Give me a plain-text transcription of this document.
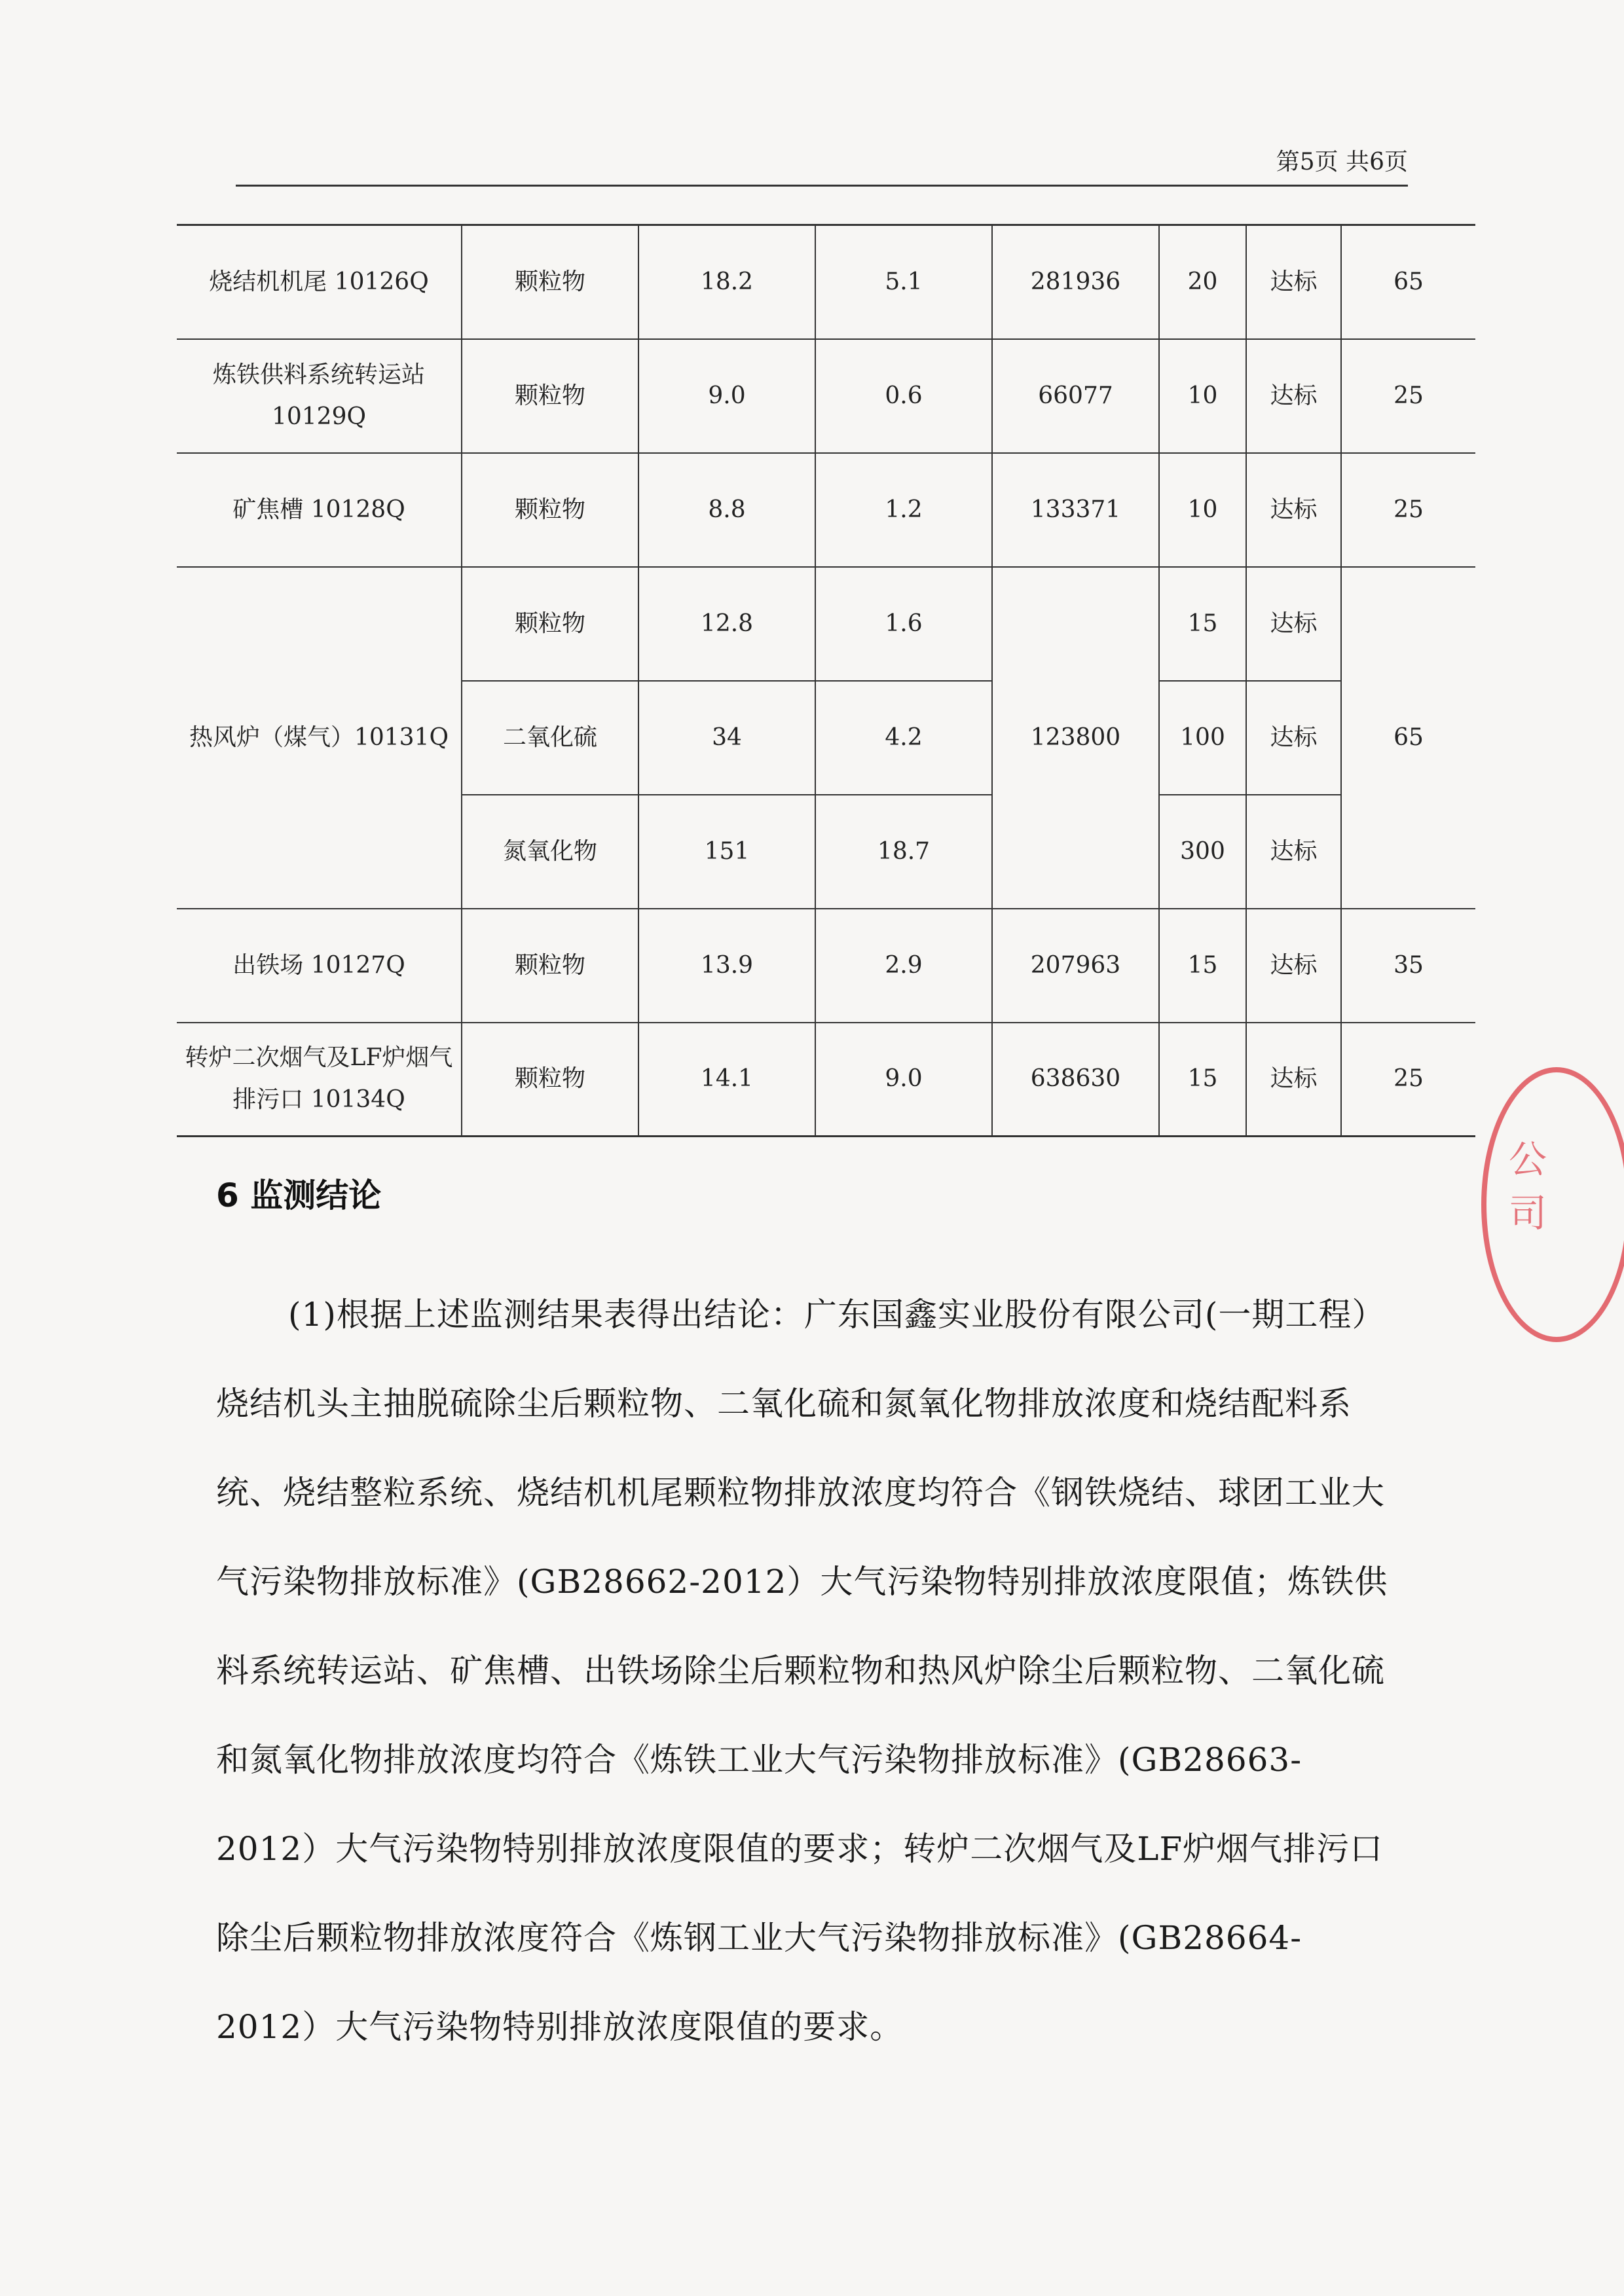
第5页 共6页
烧结机机尾 10126Q	颗粒物	18.2	5.1	281936	20	达标	65
炼铁供料系统转运站 10129Q	颗粒物	9.0	0.6	66077	10	达标	25
矿焦槽 10128Q	颗粒物	8.8	1.2	133371	10	达标	25
热风炉（煤气）10131Q	颗粒物	12.8	1.6	123800	15	达标	65
	二氧化硫	34	4.2		100	达标	
	氮氧化物	151	18.7		300	达标	
出铁场 10127Q	颗粒物	13.9	2.9	207963	15	达标	35
转炉二次烟气及LF炉烟气排污口 10134Q	颗粒物	14.1	9.0	638630	15	达标	25
公司
6 监测结论

(1)根据上述监测结果表得出结论：广东国鑫实业股份有限公司(一期工程）烧结机头主抽脱硫除尘后颗粒物、二氧化硫和氮氧化物排放浓度和烧结配料系统、烧结整粒系统、烧结机机尾颗粒物排放浓度均符合《钢铁烧结、球团工业大气污染物排放标准》(GB28662-2012）大气污染物特别排放浓度限值；炼铁供料系统转运站、矿焦槽、出铁场除尘后颗粒物和热风炉除尘后颗粒物、二氧化硫和氮氧化物排放浓度均符合《炼铁工业大气污染物排放标准》(GB28663-2012）大气污染物特别排放浓度限值的要求；转炉二次烟气及LF炉烟气排污口除尘后颗粒物排放浓度符合《炼钢工业大气污染物排放标准》(GB28664-2012）大气污染物特别排放浓度限值的要求。
